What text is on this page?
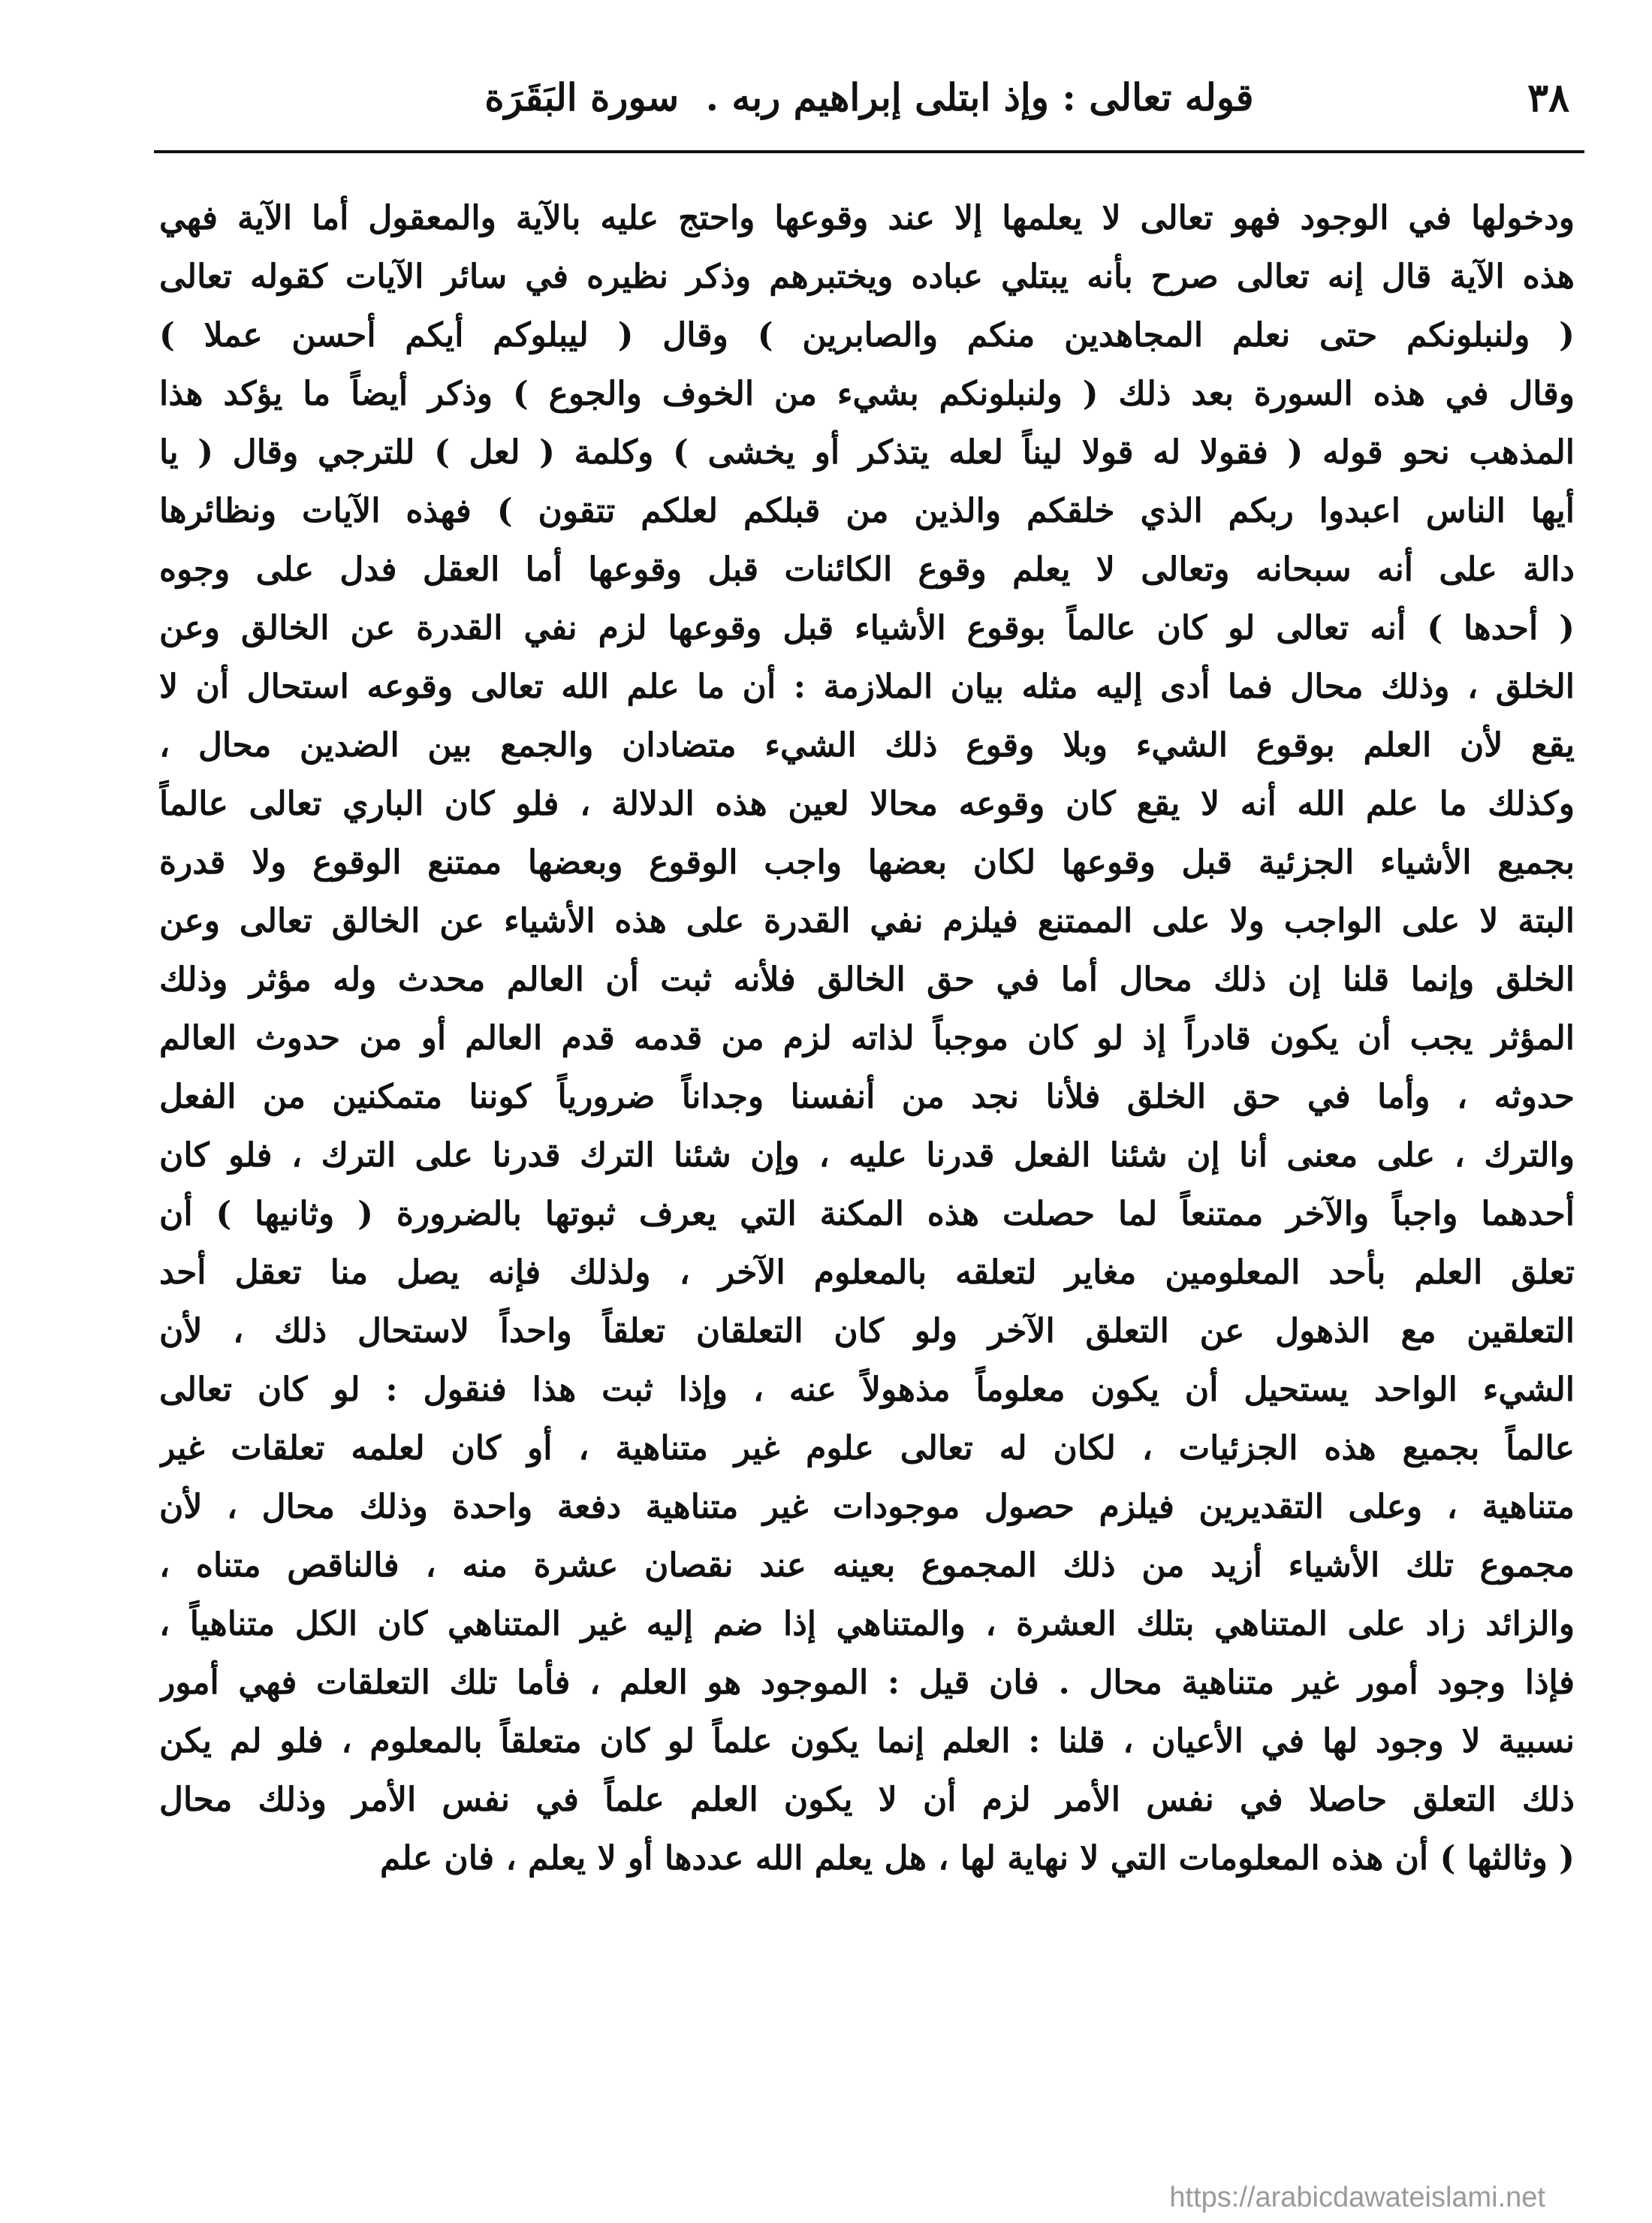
٣٨
قوله تعالى : وإذ ابتلى إبراهيم ربه . سورة البَقَرَة
ودخولها في الوجود فهو تعالى لا يعلمها إلا عند وقوعها واحتج عليه بالآية والمعقول أما الآية فهي
هذه الآية قال إنه تعالى صرح بأنه يبتلي عباده ويختبرهم وذكر نظيره في سائر الآيات كقوله تعالى
( ولنبلونكم حتى نعلم المجاهدين منكم والصابرين ) وقال ( ليبلوكم أيكم أحسن عملا )
وقال في هذه السورة بعد ذلك ( ولنبلونكم بشيء من الخوف والجوع ) وذكر أيضاً ما يؤكد هذا
المذهب نحو قوله ( فقولا له قولا ليناً لعله يتذكر أو يخشى ) وكلمة ( لعل ) للترجي وقال ( يا
أيها الناس اعبدوا ربكم الذي خلقكم والذين من قبلكم لعلكم تتقون ) فهذه الآيات ونظائرها
دالة على أنه سبحانه وتعالى لا يعلم وقوع الكائنات قبل وقوعها أما العقل فدل على وجوه
( أحدها ) أنه تعالى لو كان عالماً بوقوع الأشياء قبل وقوعها لزم نفي القدرة عن الخالق وعن
الخلق ، وذلك محال فما أدى إليه مثله بيان الملازمة : أن ما علم الله تعالى وقوعه استحال أن لا
يقع لأن العلم بوقوع الشيء وبلا وقوع ذلك الشيء متضادان والجمع بين الضدين محال ،
وكذلك ما علم الله أنه لا يقع كان وقوعه محالا لعين هذه الدلالة ، فلو كان الباري تعالى عالماً
بجميع الأشياء الجزئية قبل وقوعها لكان بعضها واجب الوقوع وبعضها ممتنع الوقوع ولا قدرة
البتة لا على الواجب ولا على الممتنع فيلزم نفي القدرة على هذه الأشياء عن الخالق تعالى وعن
الخلق وإنما قلنا إن ذلك محال أما في حق الخالق فلأنه ثبت أن العالم محدث وله مؤثر وذلك
المؤثر يجب أن يكون قادراً إذ لو كان موجباً لذاته لزم من قدمه قدم العالم أو من حدوث العالم
حدوثه ، وأما في حق الخلق فلأنا نجد من أنفسنا وجداناً ضرورياً كوننا متمكنين من الفعل
والترك ، على معنى أنا إن شئنا الفعل قدرنا عليه ، وإن شئنا الترك قدرنا على الترك ، فلو كان
أحدهما واجباً والآخر ممتنعاً لما حصلت هذه المكنة التي يعرف ثبوتها بالضرورة ( وثانيها ) أن
تعلق العلم بأحد المعلومين مغاير لتعلقه بالمعلوم الآخر ، ولذلك فإنه يصل منا تعقل أحد
التعلقين مع الذهول عن التعلق الآخر ولو كان التعلقان تعلقاً واحداً لاستحال ذلك ، لأن
الشيء الواحد يستحيل أن يكون معلوماً مذهولاً عنه ، وإذا ثبت هذا فنقول : لو كان تعالى
عالماً بجميع هذه الجزئيات ، لكان له تعالى علوم غير متناهية ، أو كان لعلمه تعلقات غير
متناهية ، وعلى التقديرين فيلزم حصول موجودات غير متناهية دفعة واحدة وذلك محال ، لأن
مجموع تلك الأشياء أزيد من ذلك المجموع بعينه عند نقصان عشرة منه ، فالناقص متناه ،
والزائد زاد على المتناهي بتلك العشرة ، والمتناهي إذا ضم إليه غير المتناهي كان الكل متناهياً ،
فإذا وجود أمور غير متناهية محال . فان قيل : الموجود هو العلم ، فأما تلك التعلقات فهي أمور
نسبية لا وجود لها في الأعيان ، قلنا : العلم إنما يكون علماً لو كان متعلقاً بالمعلوم ، فلو لم يكن
ذلك التعلق حاصلا في نفس الأمر لزم أن لا يكون العلم علماً في نفس الأمر وذلك محال
( وثالثها ) أن هذه المعلومات التي لا نهاية لها ، هل يعلم الله عددها أو لا يعلم ، فان علم
https://arabicdawateislami.net
